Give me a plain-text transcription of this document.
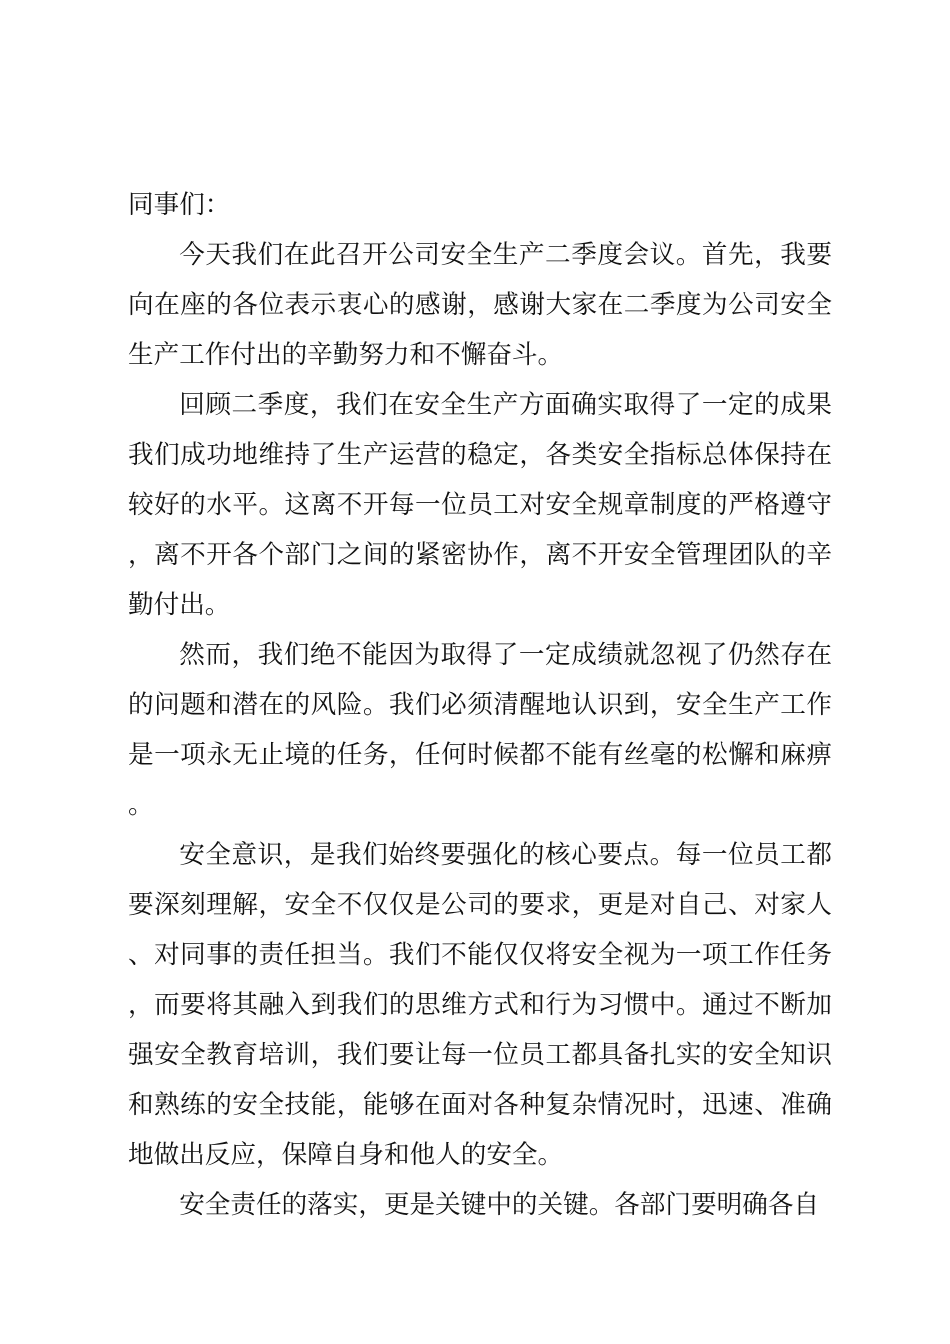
同事们：

今天我们在此召开公司安全生产二季度会议。首先，我要向在座的各位表示衷心的感谢，感谢大家在二季度为公司安全生产工作付出的辛勤努力和不懈奋斗。

回顾二季度，我们在安全生产方面确实取得了一定的成果我们成功地维持了生产运营的稳定，各类安全指标总体保持在较好的水平。这离不开每一位员工对安全规章制度的严格遵守，离不开各个部门之间的紧密协作，离不开安全管理团队的辛勤付出。

然而，我们绝不能因为取得了一定成绩就忽视了仍然存在的问题和潜在的风险。我们必须清醒地认识到，安全生产工作是一项永无止境的任务，任何时候都不能有丝毫的松懈和麻痹。

安全意识，是我们始终要强化的核心要点。每一位员工都要深刻理解，安全不仅仅是公司的要求，更是对自己、对家人、对同事的责任担当。我们不能仅仅将安全视为一项工作任务，而要将其融入到我们的思维方式和行为习惯中。通过不断加强安全教育培训，我们要让每一位员工都具备扎实的安全知识和熟练的安全技能，能够在面对各种复杂情况时，迅速、准确地做出反应，保障自身和他人的安全。

安全责任的落实，更是关键中的关键。各部门要明确各自
